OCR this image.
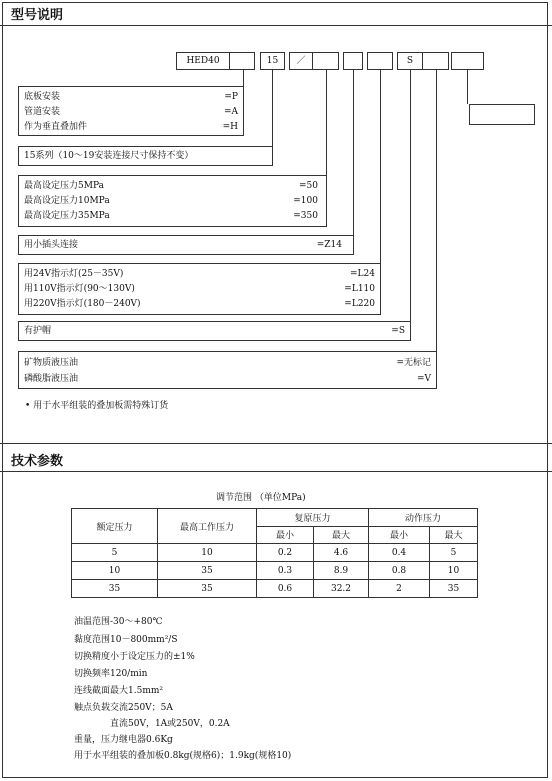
型号说明
HED40	15	／	S
底板安装	=P
管道安装	=A
作为垂直叠加件	=H
15系列（10～19安装连接尺寸保持不变）
最高设定压力5MPa	=50
最高设定压力10MPa	=100
最高设定压力35MPa	=350
用小插头连接	=Z14
用24V指示灯(25－35V)	=L24
用110V指示灯(90～130V)	=L110
用220V指示灯(180－240V)	=L220
有护帽	=S
矿物质液压油	=无标记
磷酸脂液压油	=V
• 用于水平组装的叠加板需特殊订货
技术参数
调节范围 （单位MPa)
额定压力	最高工作压力	复原压力		动作压力	
		最小	最大	最小	最大
5	10	0.2	4.6	0.4	5
10	35	0.3	8.9	0.8	10
35	35	0.6	32.2	2	35
油温范围-30～+80℃
黏度范围10－800mm²/S
切换精度小于设定压力的±1%
切换频率120/min
连线截面最大1.5mm²
触点负载交流250V；5A
直流50V，1A或250V，0.2A
重量，压力继电器0.6Kg
用于水平组装的叠加板0.8kg(规格6)；1.9kg(规格10)
